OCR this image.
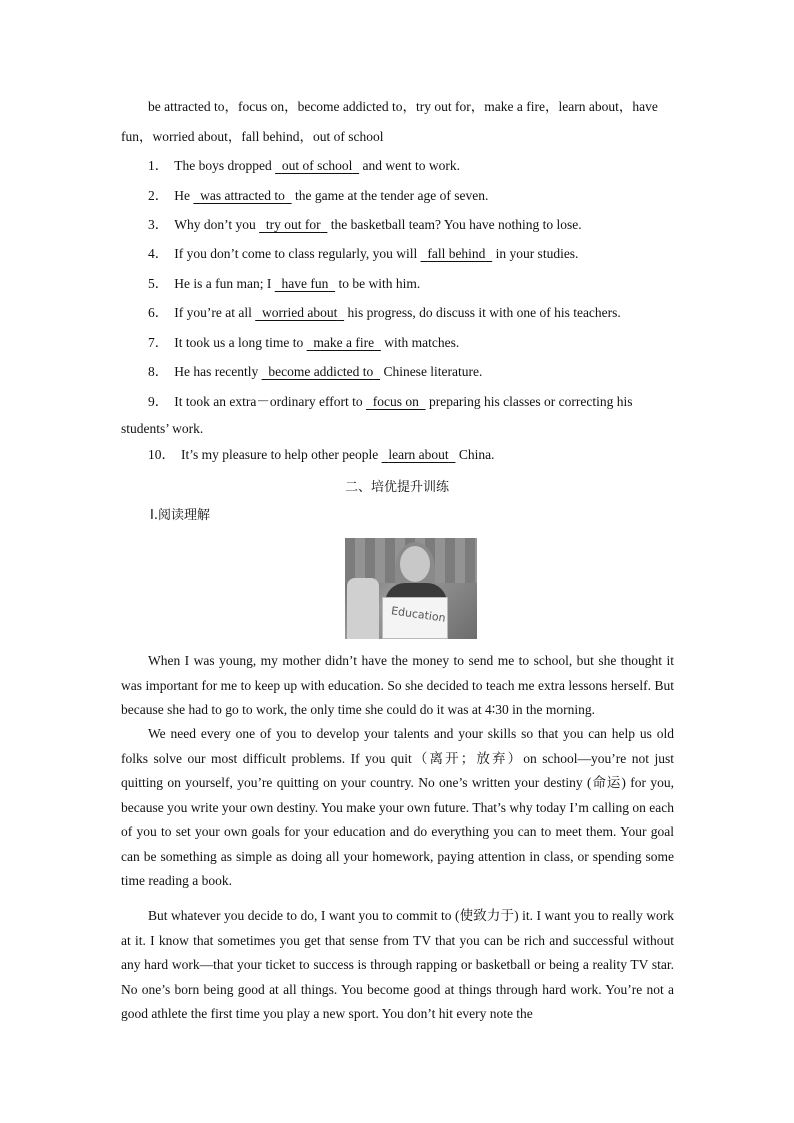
be attracted to，focus on，become addicted to，try out for，make a fire，learn about，have
fun，worried about，fall behind，out of school
1． The boys dropped out of school and went to work.
2． He was attracted to the game at the tender age of seven.
3． Why don’t you try out for the basketball team? You have nothing to lose.
4． If you don’t come to class regularly, you will fall behind in your studies.
5． He is a fun man; I have fun to be with him.
6． If you’re at all worried about his progress, do discuss it with one of his teachers.
7． It took us a long time to make a fire with matches.
8． He has recently become addicted to Chinese literature.
9． It took an extra－ordinary effort to focus on preparing his classes or correcting his
10． It’s my pleasure to help other people learn about China.
students’ work.
二、培优提升训练
Ⅰ.阅读理解
Education
When I was young, my mother didn’t have the money to send me to school, but she thought it was important for me to keep up with education. So she decided to teach me extra lessons herself. But because she had to go to work, the only time she could do it was at 4∶30 in the morning.
We need every one of you to develop your talents and your skills so that you can help us old folks solve our most difficult problems. If you quit（离开；放弃）on school—you’re not just quitting on yourself, you’re quitting on your country. No one’s written your destiny (命运) for you, because you write your own destiny. You make your own future. That’s why today I’m calling on each of you to set your own goals for your education and do everything you can to meet them. Your goal can be something as simple as doing all your homework, paying attention in class, or spending some time reading a book.
But whatever you decide to do, I want you to commit to (使致力于) it. I want you to really work at it. I know that sometimes you get that sense from TV that you can be rich and successful without any hard work—that your ticket to success is through rapping or basketball or being a reality TV star. No one’s born being good at all things. You become good at things through hard work. You’re not a good athlete the first time you play a new sport. You don’t hit every note the
